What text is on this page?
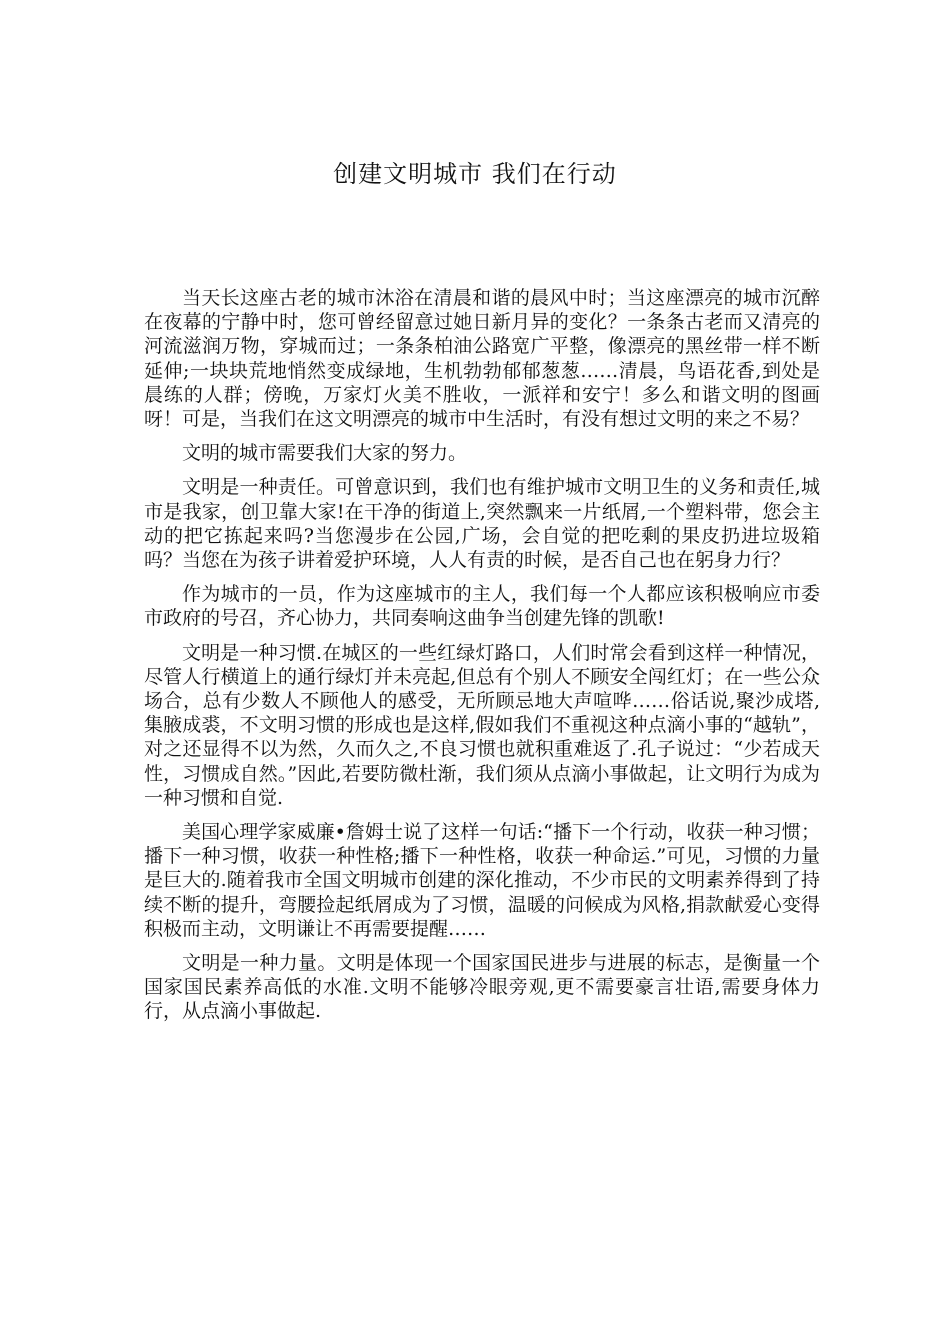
创建文明城市 我们在行动

当天长这座古老的城市沐浴在清晨和谐的晨风中时；当这座漂亮的城市沉醉在夜幕的宁静中时，您可曾经留意过她日新月异的变化？一条条古老而又清亮的河流滋润万物，穿城而过；一条条柏油公路宽广平整，像漂亮的黑丝带一样不断延伸;一块块荒地悄然变成绿地，生机勃勃郁郁葱葱……清晨，鸟语花香,到处是晨练的人群；傍晚，万家灯火美不胜收，一派祥和安宁！多么和谐文明的图画呀！可是，当我们在这文明漂亮的城市中生活时，有没有想过文明的来之不易？

文明的城市需要我们大家的努力。

文明是一种责任。可曾意识到，我们也有维护城市文明卫生的义务和责任,城市是我家，创卫靠大家!在干净的街道上,突然飘来一片纸屑,一个塑料带，您会主动的把它拣起来吗?当您漫步在公园,广场，会自觉的把吃剩的果皮扔进垃圾箱吗？当您在为孩子讲着爱护环境，人人有责的时候，是否自己也在躬身力行？

作为城市的一员，作为这座城市的主人，我们每一个人都应该积极响应市委市政府的号召，齐心协力，共同奏响这曲争当创建先锋的凯歌!

文明是一种习惯.在城区的一些红绿灯路口，人们时常会看到这样一种情况，尽管人行横道上的通行绿灯并未亮起,但总有个别人不顾安全闯红灯；在一些公众场合，总有少数人不顾他人的感受，无所顾忌地大声喧哗……俗话说,聚沙成塔,集腋成裘，不文明习惯的形成也是这样,假如我们不重视这种点滴小事的“越轨”，对之还显得不以为然，久而久之,不良习惯也就积重难返了.孔子说过：“少若成天性，习惯成自然。”因此,若要防微杜渐，我们须从点滴小事做起，让文明行为成为一种习惯和自觉.

美国心理学家威廉•詹姆士说了这样一句话:“播下一个行动，收获一种习惯；播下一种习惯，收获一种性格;播下一种性格，收获一种命运.”可见，习惯的力量是巨大的.随着我市全国文明城市创建的深化推动，不少市民的文明素养得到了持续不断的提升，弯腰捡起纸屑成为了习惯，温暖的问候成为风格,捐款献爱心变得积极而主动，文明谦让不再需要提醒……

文明是一种力量。文明是体现一个国家国民进步与进展的标志，是衡量一个国家国民素养高低的水准.文明不能够冷眼旁观,更不需要豪言壮语,需要身体力行，从点滴小事做起.
